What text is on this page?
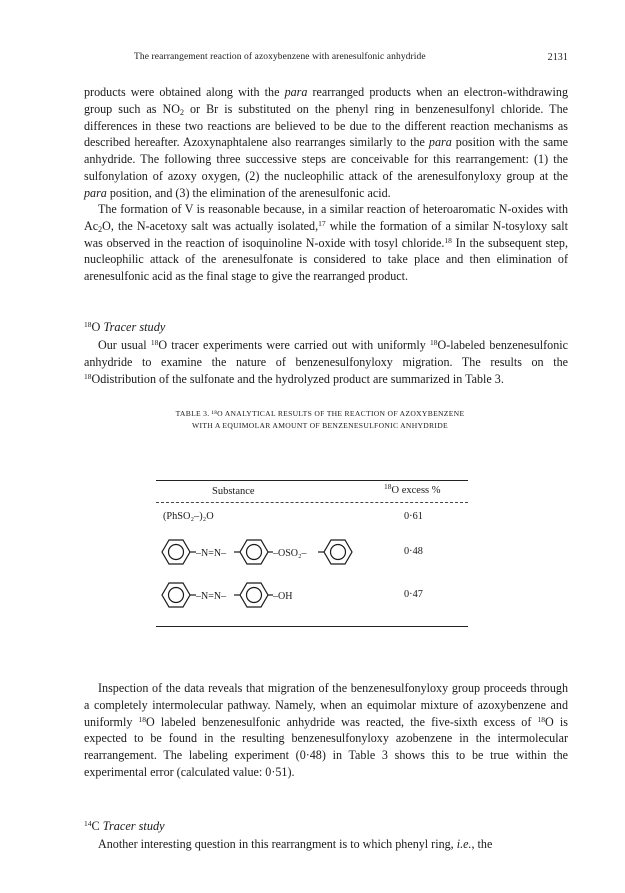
The rearrangement reaction of azoxybenzene with arenesulfonic anhydride	2131

products were obtained along with the para rearranged products when an electron-withdrawing group such as $NO_2$ or Br is substituted on the phenyl ring in benzenesulfonyl chloride. The differences in these two reactions are believed to be due to the different reaction mechanisms as described hereafter. Azoxynaphtalene also rearranges similarly to the para position with the same anhydride. The following three successive steps are conceivable for this rearrangement: (1) the sulfonylation of azoxy oxygen, (2) the nucleophilic attack of the arenesulfonyloxy group at the para position, and (3) the elimination of the arenesulfonic acid.

The formation of V is reasonable because, in a similar reaction of heteroaromatic N-oxides with $Ac_2O$, the N-acetoxy salt was actually isolated,$^{17}$ while the formation of a similar N-tosyloxy salt was observed in the reaction of isoquinoline N-oxide with tosyl chloride.$^{18}$ In the subsequent step, nucleophilic attack of the arenesulfonate is considered to take place and then elimination of arenesulfonic acid as the final stage to give the rearranged product.

$^{18}$O Tracer study

Our usual $^{18}$O tracer experiments were carried out with uniformly $^{18}$O-labeled benzenesulfonic anhydride to examine the nature of benzenesulfonyloxy migration. The results on the $^{18}$Odistribution of the sulfonate and the hydrolyzed product are summarized in Table 3.

TABLE 3. ¹⁸O ANALYTICAL RESULTS OF THE REACTION OF AZOXYBENZENE
WITH A EQUIMOLAR AMOUNT OF BENZENESULFONIC ANHYDRIDE
Substance	$^{18}$O excess %
(PhSO₂–)₂O	0·61
–N=N–	–OSO₂–	0·48
–N=N–	–OH	0·47

Inspection of the data reveals that migration of the benzenesulfonyloxy group proceeds through a completely intermolecular pathway. Namely, when an equimolar mixture of azoxybenzene and uniformly $^{18}$O labeled benzenesulfonic anhydride was reacted, the five-sixth excess of $^{18}$O is expected to be found in the resulting benzenesulfonyloxy azobenzene in the intermolecular rearrangement. The labeling experiment (0·48) in Table 3 shows this to be true within the experimental error (calculated value: 0·51).

$^{14}$C Tracer study

Another interesting question in this rearrangment is to which phenyl ring, i.e., the
